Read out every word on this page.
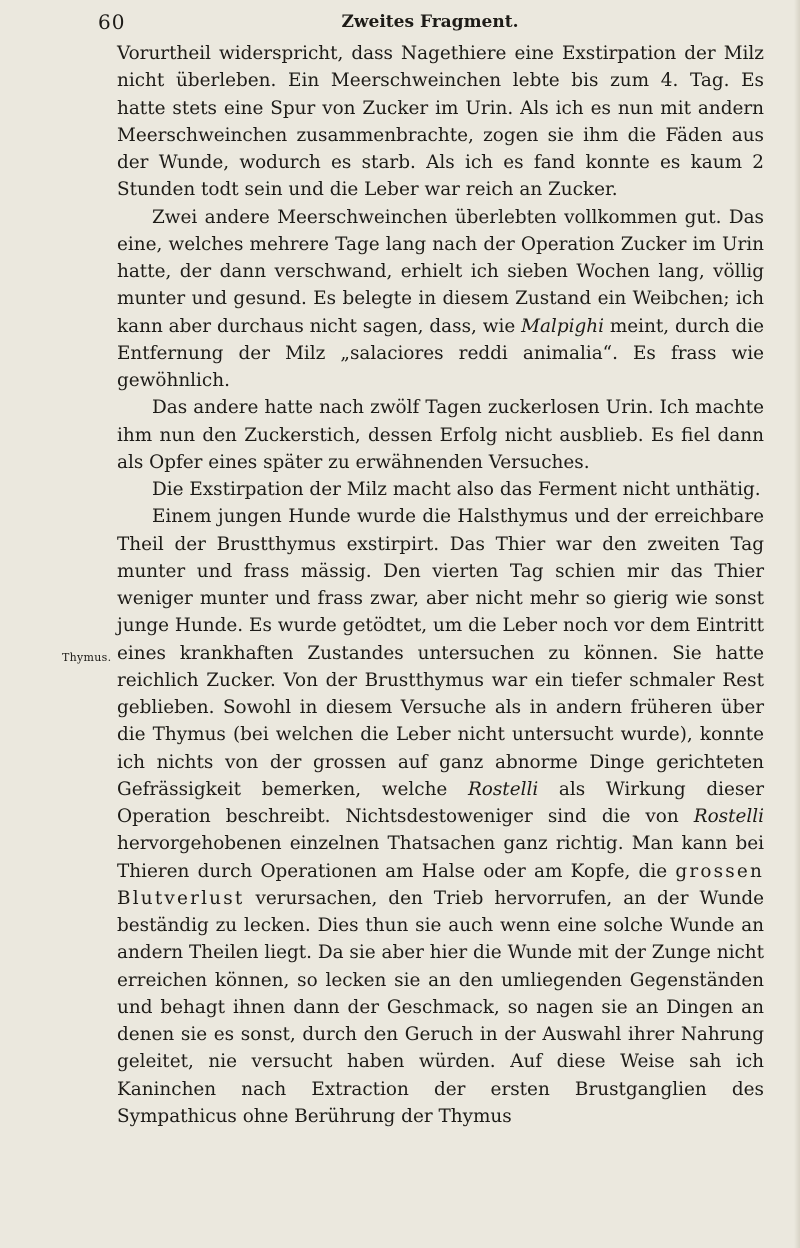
60	Zweites Fragment.
Thymus.

Vorurtheil widerspricht, dass Nagethiere eine Exstirpation der Milz nicht überleben. Ein Meerschweinchen lebte bis zum 4. Tag. Es hatte stets eine Spur von Zucker im Urin. Als ich es nun mit andern Meerschweinchen zusammenbrachte, zogen sie ihm die Fäden aus der Wunde, wodurch es starb. Als ich es fand konnte es kaum 2 Stunden todt sein und die Leber war reich an Zucker.

Zwei andere Meerschweinchen überlebten vollkommen gut. Das eine, welches mehrere Tage lang nach der Operation Zucker im Urin hatte, der dann verschwand, erhielt ich sieben Wochen lang, völlig munter und gesund. Es belegte in diesem Zustand ein Weibchen; ich kann aber durchaus nicht sagen, dass, wie Malpighi meint, durch die Entfernung der Milz „salaciores reddi animalia“. Es frass wie gewöhnlich.

Das andere hatte nach zwölf Tagen zuckerlosen Urin. Ich machte ihm nun den Zuckerstich, dessen Erfolg nicht ausblieb. Es fiel dann als Opfer eines später zu erwähnenden Versuches.

Die Exstirpation der Milz macht also das Ferment nicht unthätig.

Einem jungen Hunde wurde die Halsthymus und der erreichbare Theil der Brustthymus exstirpirt. Das Thier war den zweiten Tag munter und frass mässig. Den vierten Tag schien mir das Thier weniger munter und frass zwar, aber nicht mehr so gierig wie sonst junge Hunde. Es wurde getödtet, um die Leber noch vor dem Eintritt eines krankhaften Zustandes untersuchen zu können. Sie hatte reichlich Zucker. Von der Brustthymus war ein tiefer schmaler Rest geblieben. Sowohl in diesem Versuche als in andern früheren über die Thymus (bei welchen die Leber nicht untersucht wurde), konnte ich nichts von der grossen auf ganz abnorme Dinge gerichteten Gefrässigkeit bemerken, welche Rostelli als Wirkung dieser Operation beschreibt. Nichtsdestoweniger sind die von Rostelli hervorgehobenen einzelnen Thatsachen ganz richtig. Man kann bei Thieren durch Operationen am Halse oder am Kopfe, die grossen Blutverlust verursachen, den Trieb hervorrufen, an der Wunde beständig zu lecken. Dies thun sie auch wenn eine solche Wunde an andern Theilen liegt. Da sie aber hier die Wunde mit der Zunge nicht erreichen können, so lecken sie an den umliegenden Gegenständen und behagt ihnen dann der Geschmack, so nagen sie an Dingen an denen sie es sonst, durch den Geruch in der Auswahl ihrer Nahrung geleitet, nie versucht haben würden. Auf diese Weise sah ich Kaninchen nach Extraction der ersten Brustganglien des Sympathicus ohne Berührung der Thymus
